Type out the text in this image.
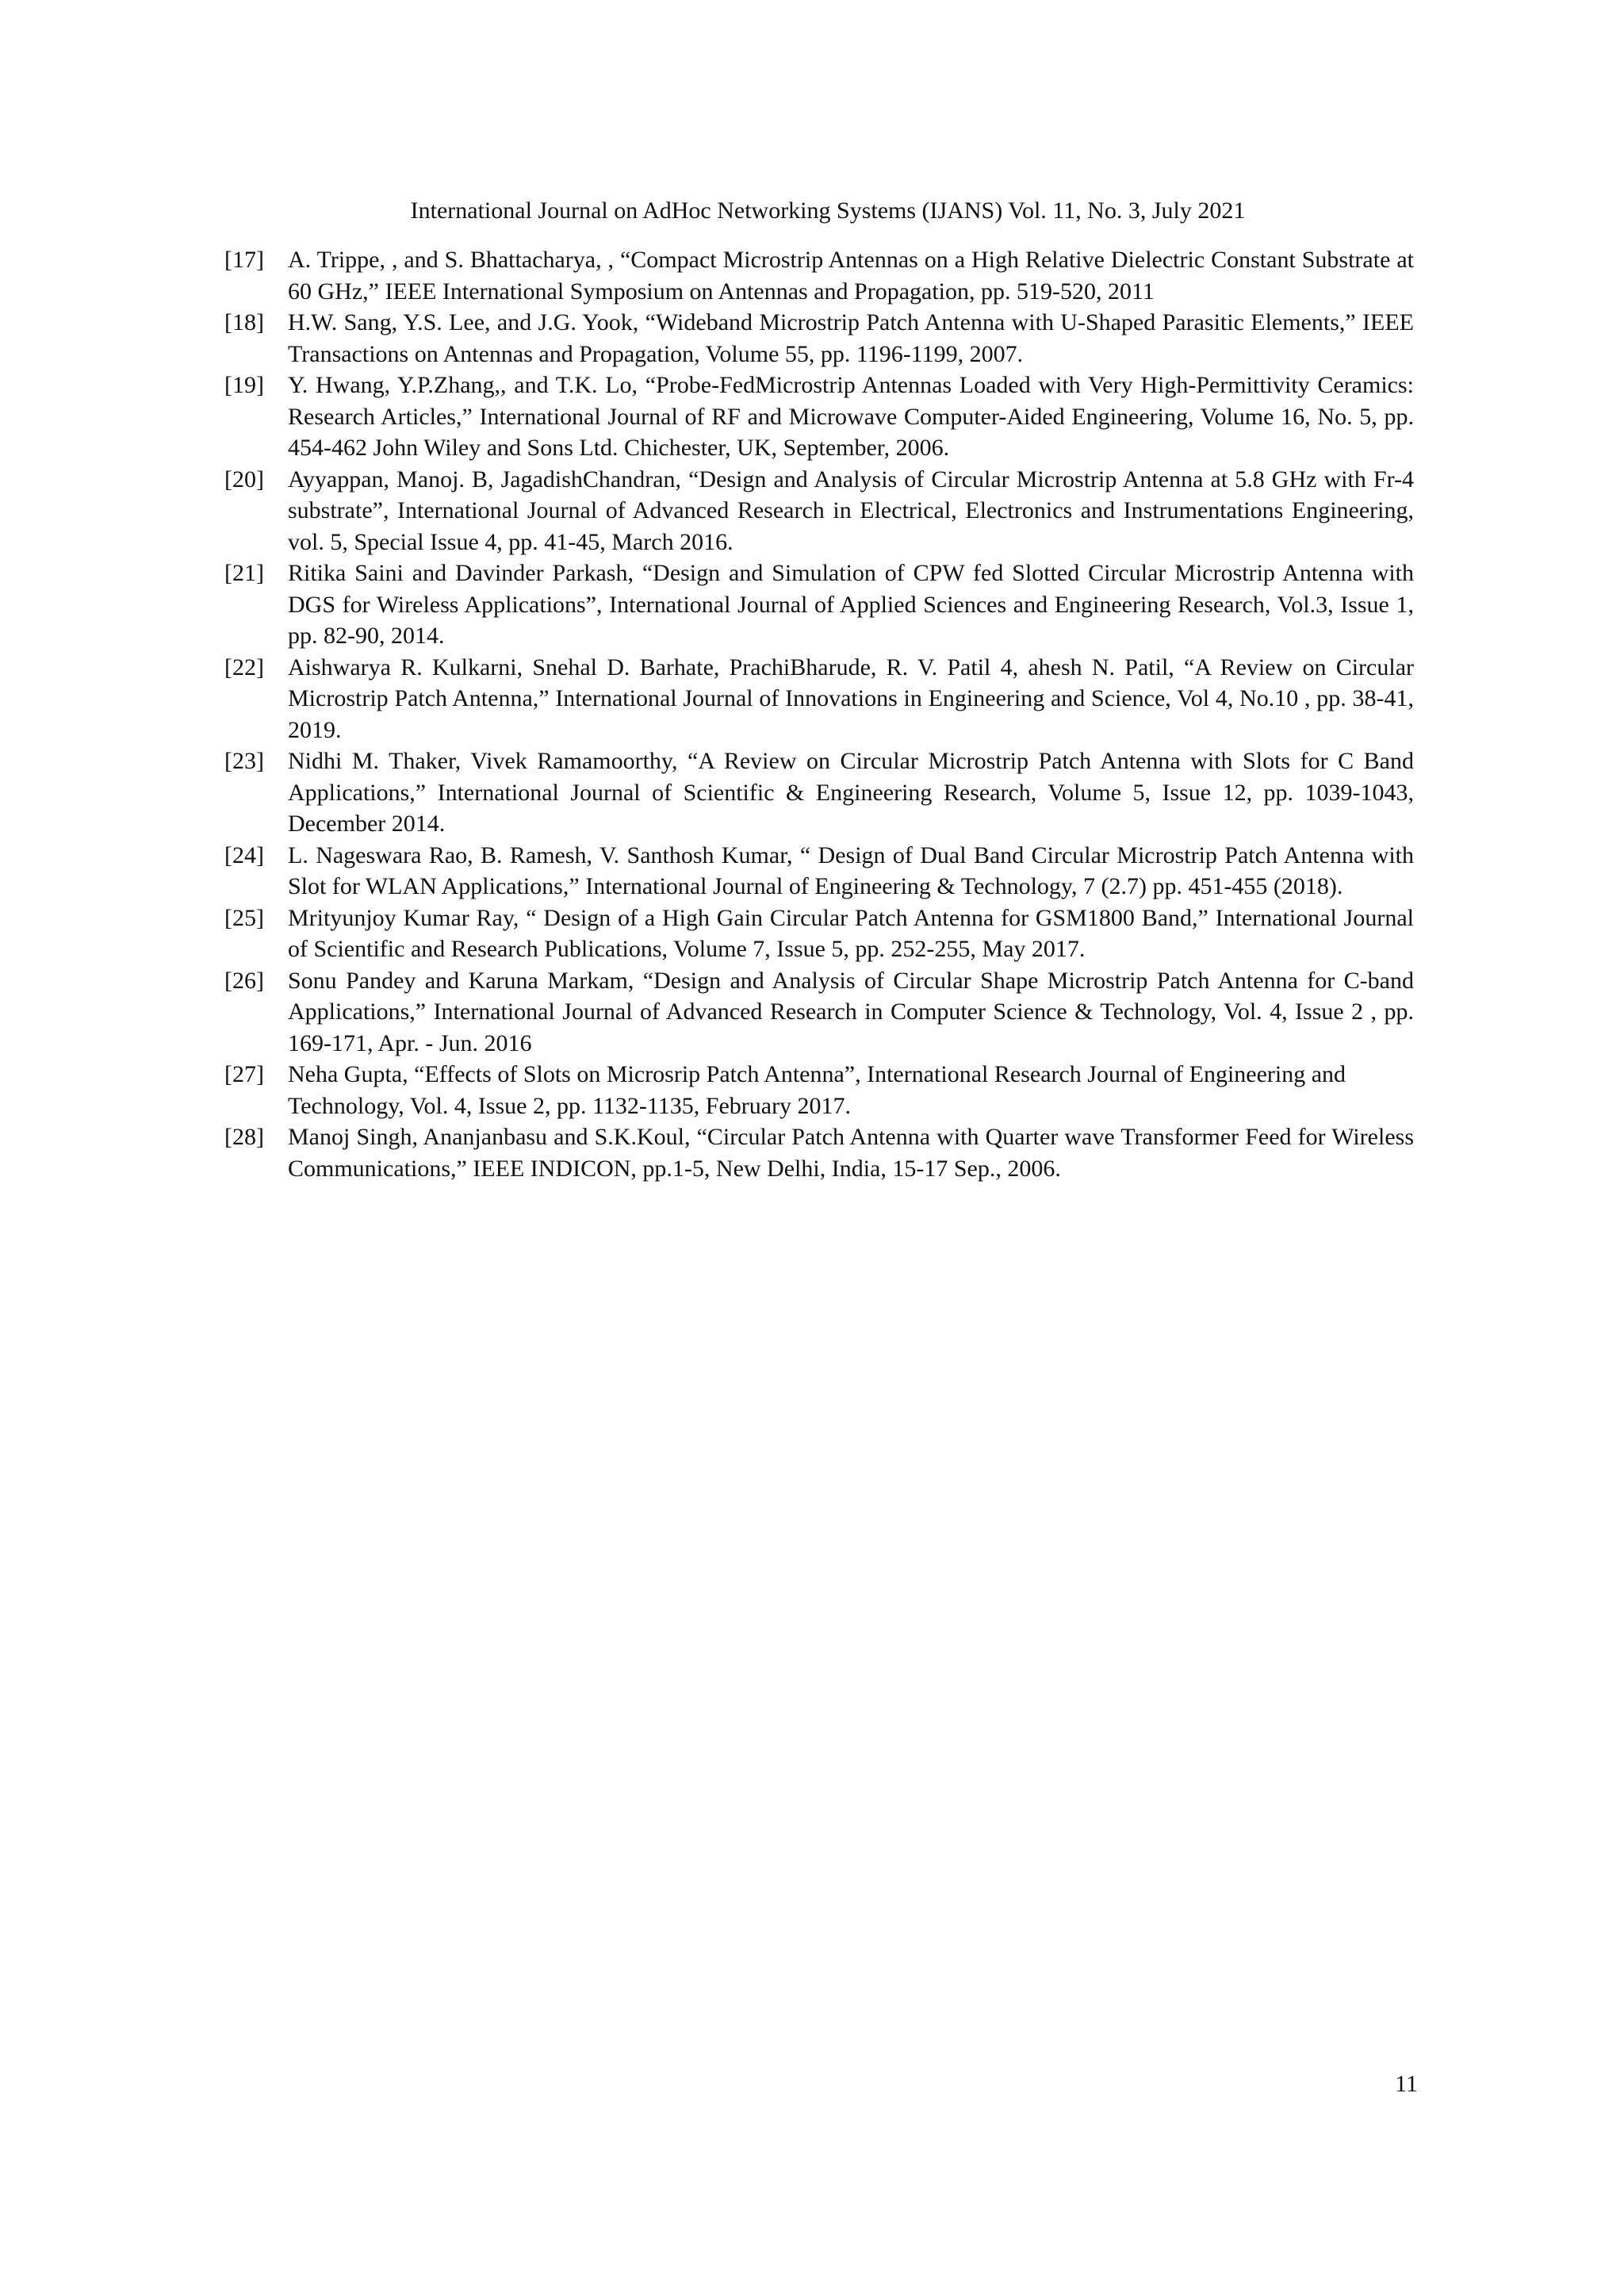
International Journal on AdHoc Networking Systems (IJANS) Vol. 11, No. 3, July 2021
[17]	A. Trippe, , and S. Bhattacharya, , “Compact Microstrip Antennas on a High Relative Dielectric Constant Substrate at 60 GHz,” IEEE International Symposium on Antennas and Propagation, pp. 519-520, 2011
[18]	H.W. Sang, Y.S. Lee, and J.G. Yook, “Wideband Microstrip Patch Antenna with U-Shaped Parasitic Elements,” IEEE Transactions on Antennas and Propagation, Volume 55, pp. 1196-1199, 2007.
[19]	Y. Hwang, Y.P.Zhang,, and T.K. Lo, “Probe-FedMicrostrip Antennas Loaded with Very High-Permittivity Ceramics: Research Articles,” International Journal of RF and Microwave Computer-Aided Engineering, Volume 16, No. 5, pp. 454-462 John Wiley and Sons Ltd. Chichester, UK, September, 2006.
[20]	Ayyappan, Manoj. B, JagadishChandran, “Design and Analysis of Circular Microstrip Antenna at 5.8 GHz with Fr-4 substrate”, International Journal of Advanced Research in Electrical, Electronics and Instrumentations Engineering, vol. 5, Special Issue 4, pp. 41-45, March 2016.
[21]	Ritika Saini and Davinder Parkash, “Design and Simulation of CPW fed Slotted Circular Microstrip Antenna with DGS for Wireless Applications”, International Journal of Applied Sciences and Engineering Research, Vol.3, Issue 1, pp. 82-90, 2014.
[22]	Aishwarya R. Kulkarni, Snehal D. Barhate, PrachiBharude, R. V. Patil 4, ahesh N. Patil, “A Review on Circular Microstrip Patch Antenna,” International Journal of Innovations in Engineering and Science, Vol 4, No.10 , pp. 38-41, 2019.
[23]	Nidhi M. Thaker, Vivek Ramamoorthy, “A Review on Circular Microstrip Patch Antenna with Slots for C Band Applications,” International Journal of Scientific & Engineering Research, Volume 5, Issue 12, pp. 1039-1043, December 2014.
[24]	L. Nageswara Rao, B. Ramesh, V. Santhosh Kumar, “ Design of Dual Band Circular Microstrip Patch Antenna with Slot for WLAN Applications,” International Journal of Engineering & Technology, 7 (2.7) pp. 451-455 (2018).
[25]	Mrityunjoy Kumar Ray, “ Design of a High Gain Circular Patch Antenna for GSM1800 Band,” International Journal of Scientific and Research Publications, Volume 7, Issue 5, pp. 252-255, May 2017.
[26]	Sonu Pandey and Karuna Markam, “Design and Analysis of Circular Shape Microstrip Patch Antenna for C-band Applications,” International Journal of Advanced Research in Computer Science & Technology, Vol. 4, Issue 2 , pp. 169-171, Apr. - Jun. 2016
[27]	Neha Gupta, “Effects of Slots on Microsrip Patch Antenna”, International Research Journal of Engineering and Technology, Vol. 4, Issue 2, pp. 1132-1135, February 2017.
[28]	Manoj Singh, Ananjanbasu and S.K.Koul, “Circular Patch Antenna with Quarter wave Transformer Feed for Wireless Communications,” IEEE INDICON, pp.1-5, New Delhi, India, 15-17 Sep., 2006.
11
